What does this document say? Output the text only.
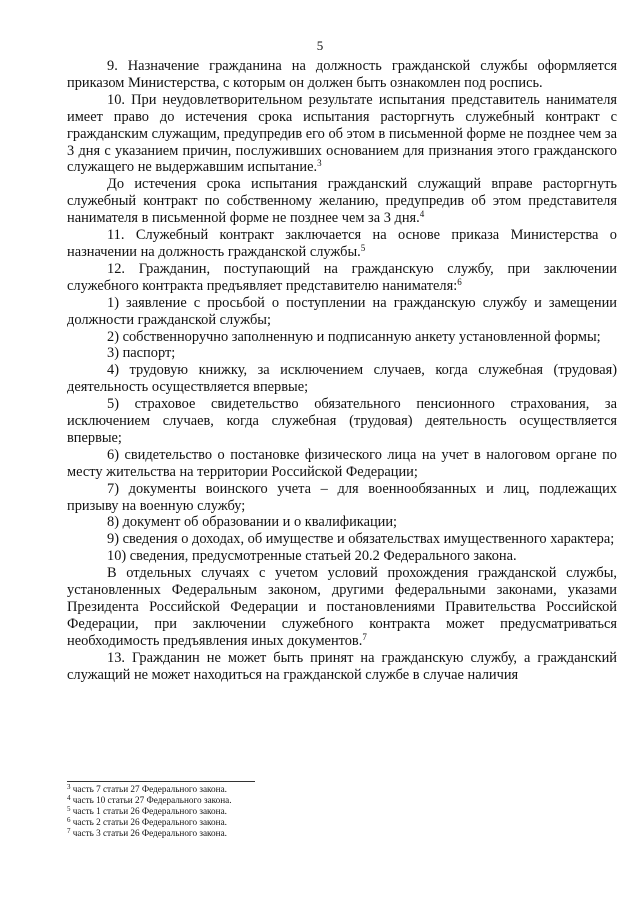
5

9. Назначение гражданина на должность гражданской службы оформляется приказом Министерства, с которым он должен быть ознакомлен под роспись.

10. При неудовлетворительном результате испытания представитель нанимателя имеет право до истечения срока испытания расторгнуть служебный контракт с гражданским служащим, предупредив его об этом в письменной форме не позднее чем за 3 дня с указанием причин, послуживших основанием для признания этого гражданского служащего не выдержавшим испытание.$^3$

До истечения срока испытания гражданский служащий вправе расторгнуть служебный контракт по собственному желанию, предупредив об этом представителя нанимателя в письменной форме не позднее чем за 3 дня.$^4$

11. Служебный контракт заключается на основе приказа Министерства о назначении на должность гражданской службы.$^5$

12. Гражданин, поступающий на гражданскую службу, при заключении служебного контракта предъявляет представителю нанимателя:$^6$

1) заявление с просьбой о поступлении на гражданскую службу и замещении должности гражданской службы;

2) собственноручно заполненную и подписанную анкету установленной формы;

3) паспорт;

4) трудовую книжку, за исключением случаев, когда служебная (трудовая) деятельность осуществляется впервые;

5) страховое свидетельство обязательного пенсионного страхования, за исключением случаев, когда служебная (трудовая) деятельность осуществляется впервые;

6) свидетельство о постановке физического лица на учет в налоговом органе по месту жительства на территории Российской Федерации;

7) документы воинского учета – для военнообязанных и лиц, подлежащих призыву на военную службу;

8) документ об образовании и о квалификации;

9) сведения о доходах, об имуществе и обязательствах имущественного характера;

10) сведения, предусмотренные статьей 20.2 Федерального закона.

В отдельных случаях с учетом условий прохождения гражданской службы, установленных Федеральным законом, другими федеральными законами, указами Президента Российской Федерации и постановлениями Правительства Российской Федерации, при заключении служебного контракта может предусматриваться необходимость предъявления иных документов.$^7$

13. Гражданин не может быть принят на гражданскую службу, а гражданский служащий не может находиться на гражданской службе в случае наличия

$^3$ часть 7 статьи 27 Федерального закона.
$^4$ часть 10 статьи 27 Федерального закона.
$^5$ часть 1 статьи 26 Федерального закона.
$^6$ часть 2 статьи 26 Федерального закона.
$^7$ часть 3 статьи 26 Федерального закона.
